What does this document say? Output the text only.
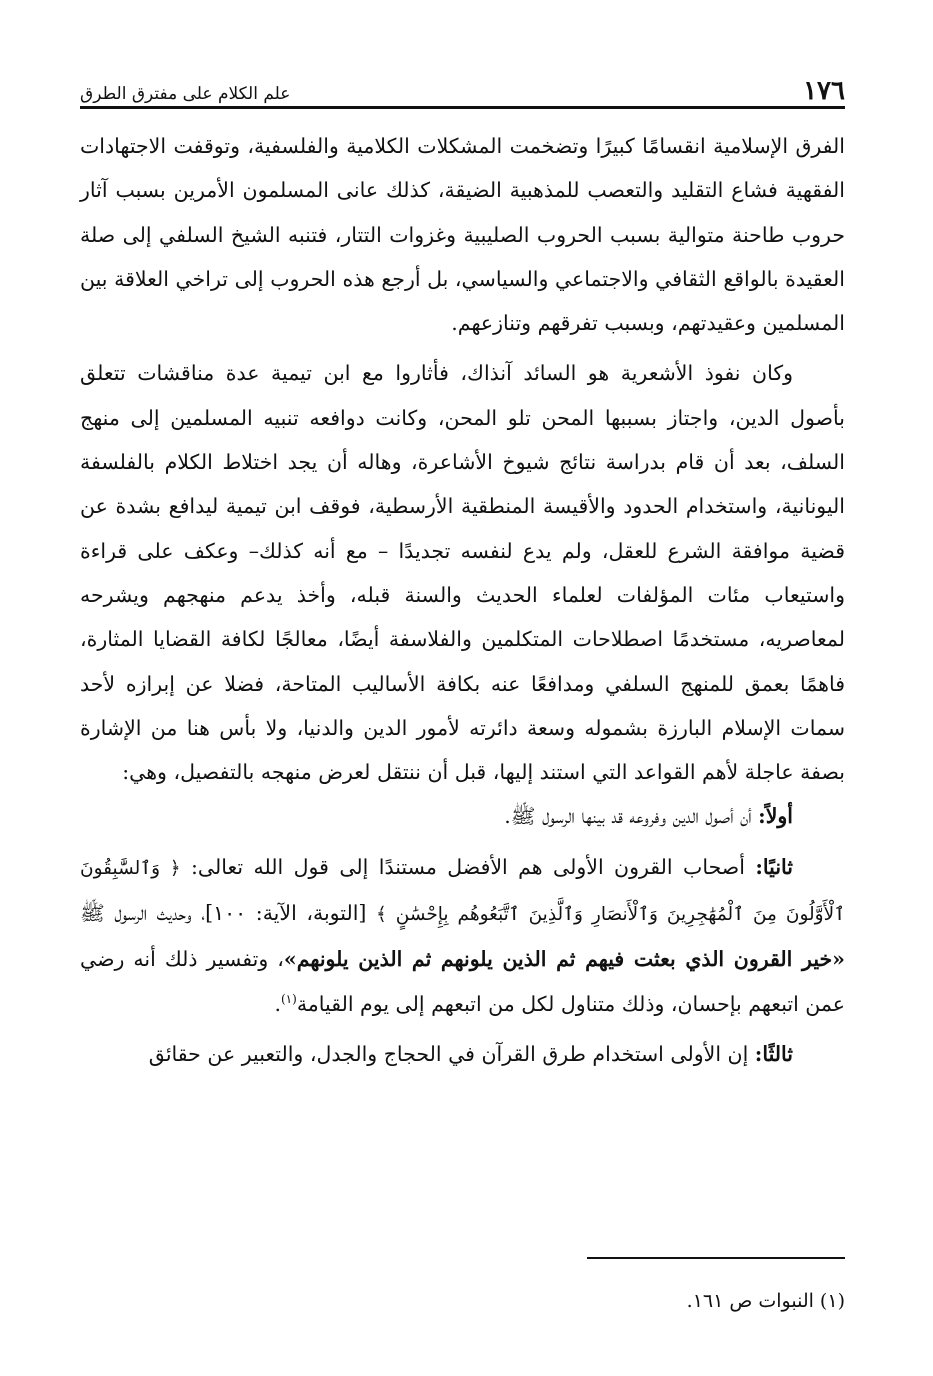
١٧٦
علم الكلام على مفترق الطرق

الفرق الإسلامية انقسامًا كبيرًا وتضخمت المشكلات الكلامية والفلسفية، وتوقفت الاجتهادات الفقهية فشاع التقليد والتعصب للمذهبية الضيقة، كذلك عانى المسلمون الأمرين بسبب آثار حروب طاحنة متوالية بسبب الحروب الصليبية وغزوات التتار، فتنبه الشيخ السلفي إلى صلة العقيدة بالواقع الثقافي والاجتماعي والسياسي، بل أرجع هذه الحروب إلى تراخي العلاقة بين المسلمين وعقيدتهم، وبسبب تفرقهم وتنازعهم.

وكان نفوذ الأشعرية هو السائد آنذاك، فأثاروا مع ابن تيمية عدة مناقشات تتعلق بأصول الدين، واجتاز بسببها المحن تلو المحن، وكانت دوافعه تنبيه المسلمين إلى منهج السلف، بعد أن قام بدراسة نتائج شيوخ الأشاعرة، وهاله أن يجد اختلاط الكلام بالفلسفة اليونانية، واستخدام الحدود والأقيسة المنطقية الأرسطية، فوقف ابن تيمية ليدافع بشدة عن قضية موافقة الشرع للعقل، ولم يدع لنفسه تجديدًا – مع أنه كذلك– وعكف على قراءة واستيعاب مئات المؤلفات لعلماء الحديث والسنة قبله، وأخذ يدعم منهجهم ويشرحه لمعاصريه، مستخدمًا اصطلاحات المتكلمين والفلاسفة أيضًا، معالجًا لكافة القضايا المثارة، فاهمًا بعمق للمنهج السلفي ومدافعًا عنه بكافة الأساليب المتاحة، فضلا عن إبرازه لأحد سمات الإسلام البارزة بشموله وسعة دائرته لأمور الدين والدنيا، ولا بأس هنا من الإشارة بصفة عاجلة لأهم القواعد التي استند إليها، قبل أن ننتقل لعرض منهجه بالتفصيل، وهي:

أولاً: أن أصول الدين وفروعه قد بينها الرسول ﷺ.

ثانيًا: أصحاب القرون الأولى هم الأفضل مستندًا إلى قول الله تعالى: ﴿ وَٱلسَّٰبِقُونَ ٱلْأَوَّلُونَ مِنَ ٱلْمُهَٰجِرِينَ وَٱلْأَنصَارِ وَٱلَّذِينَ ٱتَّبَعُوهُم بِإِحْسَٰنٍ ﴾ [التوبة، الآية: ١٠٠]، وحديث الرسول ﷺ «خير القرون الذي بعثت فيهم ثم الذين يلونهم ثم الذين يلونهم»، وتفسير ذلك أنه رضي عمن اتبعهم بإحسان، وذلك متناول لكل من اتبعهم إلى يوم القيامة$^{(١)}$.

ثالثًا: إن الأولى استخدام طرق القرآن في الحجاج والجدل، والتعبير عن حقائق

(١) النبوات ص ١٦١.
